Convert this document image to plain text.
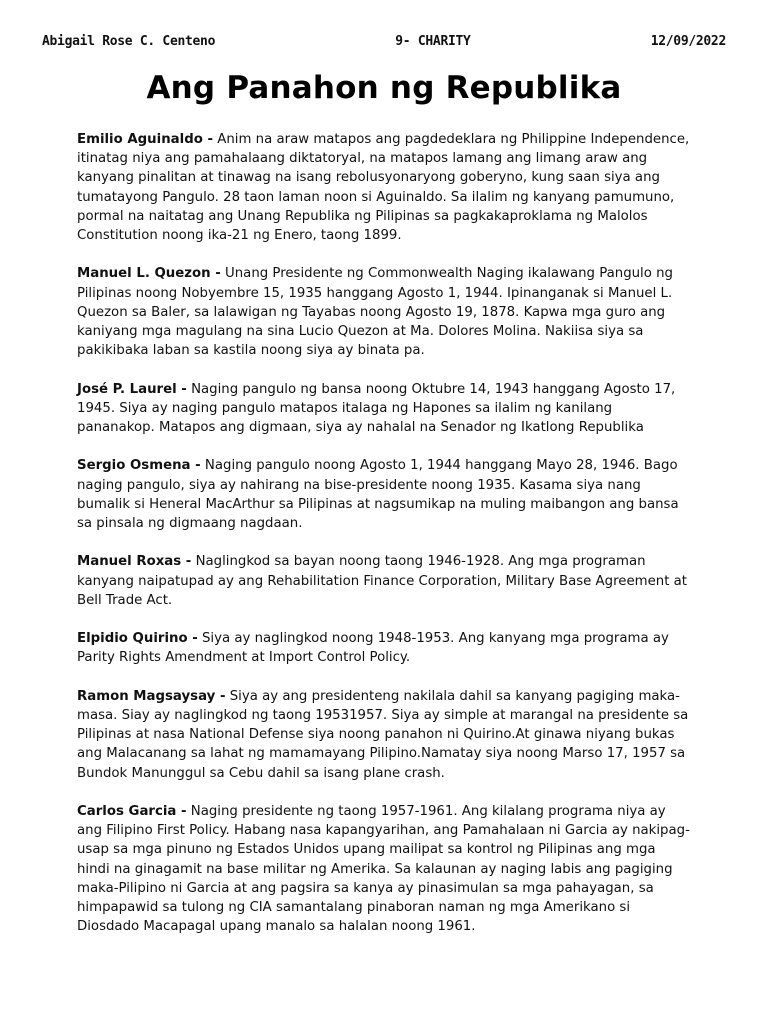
Abigail Rose C. Centeno	9- CHARITY	12/09/2022
Ang Panahon ng Republika

Emilio Aguinaldo - Anim na araw matapos ang pagdedeklara ng Philippine Independence, itinatag niya ang pamahalaang diktatoryal, na matapos lamang ang limang araw ang kanyang pinalitan at tinawag na isang rebolusyonaryong goberyno, kung saan siya ang tumatayong Pangulo. 28 taon laman noon si Aguinaldo. Sa ilalim ng kanyang pamumuno, pormal na naitatag ang Unang Republika ng Pilipinas sa pagkakaproklama ng Malolos Constitution noong ika-21 ng Enero, taong 1899.

Manuel L. Quezon - Unang Presidente ng Commonwealth Naging ikalawang Pangulo ng Pilipinas noong Nobyembre 15, 1935 hanggang Agosto 1, 1944. Ipinanganak si Manuel L. Quezon sa Baler, sa lalawigan ng Tayabas noong Agosto 19, 1878. Kapwa mga guro ang kaniyang mga magulang na sina Lucio Quezon at Ma. Dolores Molina. Nakiisa siya sa pakikibaka laban sa kastila noong siya ay binata pa.

José P. Laurel - Naging pangulo ng bansa noong Oktubre 14, 1943 hanggang Agosto 17, 1945. Siya ay naging pangulo matapos italaga ng Hapones sa ilalim ng kanilang pananakop. Matapos ang digmaan, siya ay nahalal na Senador ng Ikatlong Republika

Sergio Osmena - Naging pangulo noong Agosto 1, 1944 hanggang Mayo 28, 1946. Bago naging pangulo, siya ay nahirang na bise-presidente noong 1935. Kasama siya nang bumalik si Heneral MacArthur sa Pilipinas at nagsumikap na muling maibangon ang bansa sa pinsala ng digmaang nagdaan.

Manuel Roxas - Naglingkod sa bayan noong taong 1946-1928. Ang mga programan kanyang naipatupad ay ang Rehabilitation Finance Corporation, Military Base Agreement at Bell Trade Act.

Elpidio Quirino - Siya ay naglingkod noong 1948-1953. Ang kanyang mga programa ay Parity Rights Amendment at Import Control Policy.

Ramon Magsaysay - Siya ay ang presidenteng nakilala dahil sa kanyang pagiging maka-masa. Siay ay naglingkod ng taong 19531957. Siya ay simple at marangal na presidente sa Pilipinas at nasa National Defense siya noong panahon ni Quirino.At ginawa niyang bukas ang Malacanang sa lahat ng mamamayang Pilipino.Namatay siya noong Marso 17, 1957 sa Bundok Manunggul sa Cebu dahil sa isang plane crash.

Carlos Garcia - Naging presidente ng taong 1957-1961. Ang kilalang programa niya ay ang Filipino First Policy. Habang nasa kapangyarihan, ang Pamahalaan ni Garcia ay nakipag-usap sa mga pinuno ng Estados Unidos upang mailipat sa kontrol ng Pilipinas ang mga hindi na ginagamit na base militar ng Amerika. Sa kalaunan ay naging labis ang pagiging maka-Pilipino ni Garcia at ang pagsira sa kanya ay pinasimulan sa mga pahayagan, sa himpapawid sa tulong ng CIA samantalang pinaboran naman ng mga Amerikano si Diosdado Macapagal upang manalo sa halalan noong 1961.
